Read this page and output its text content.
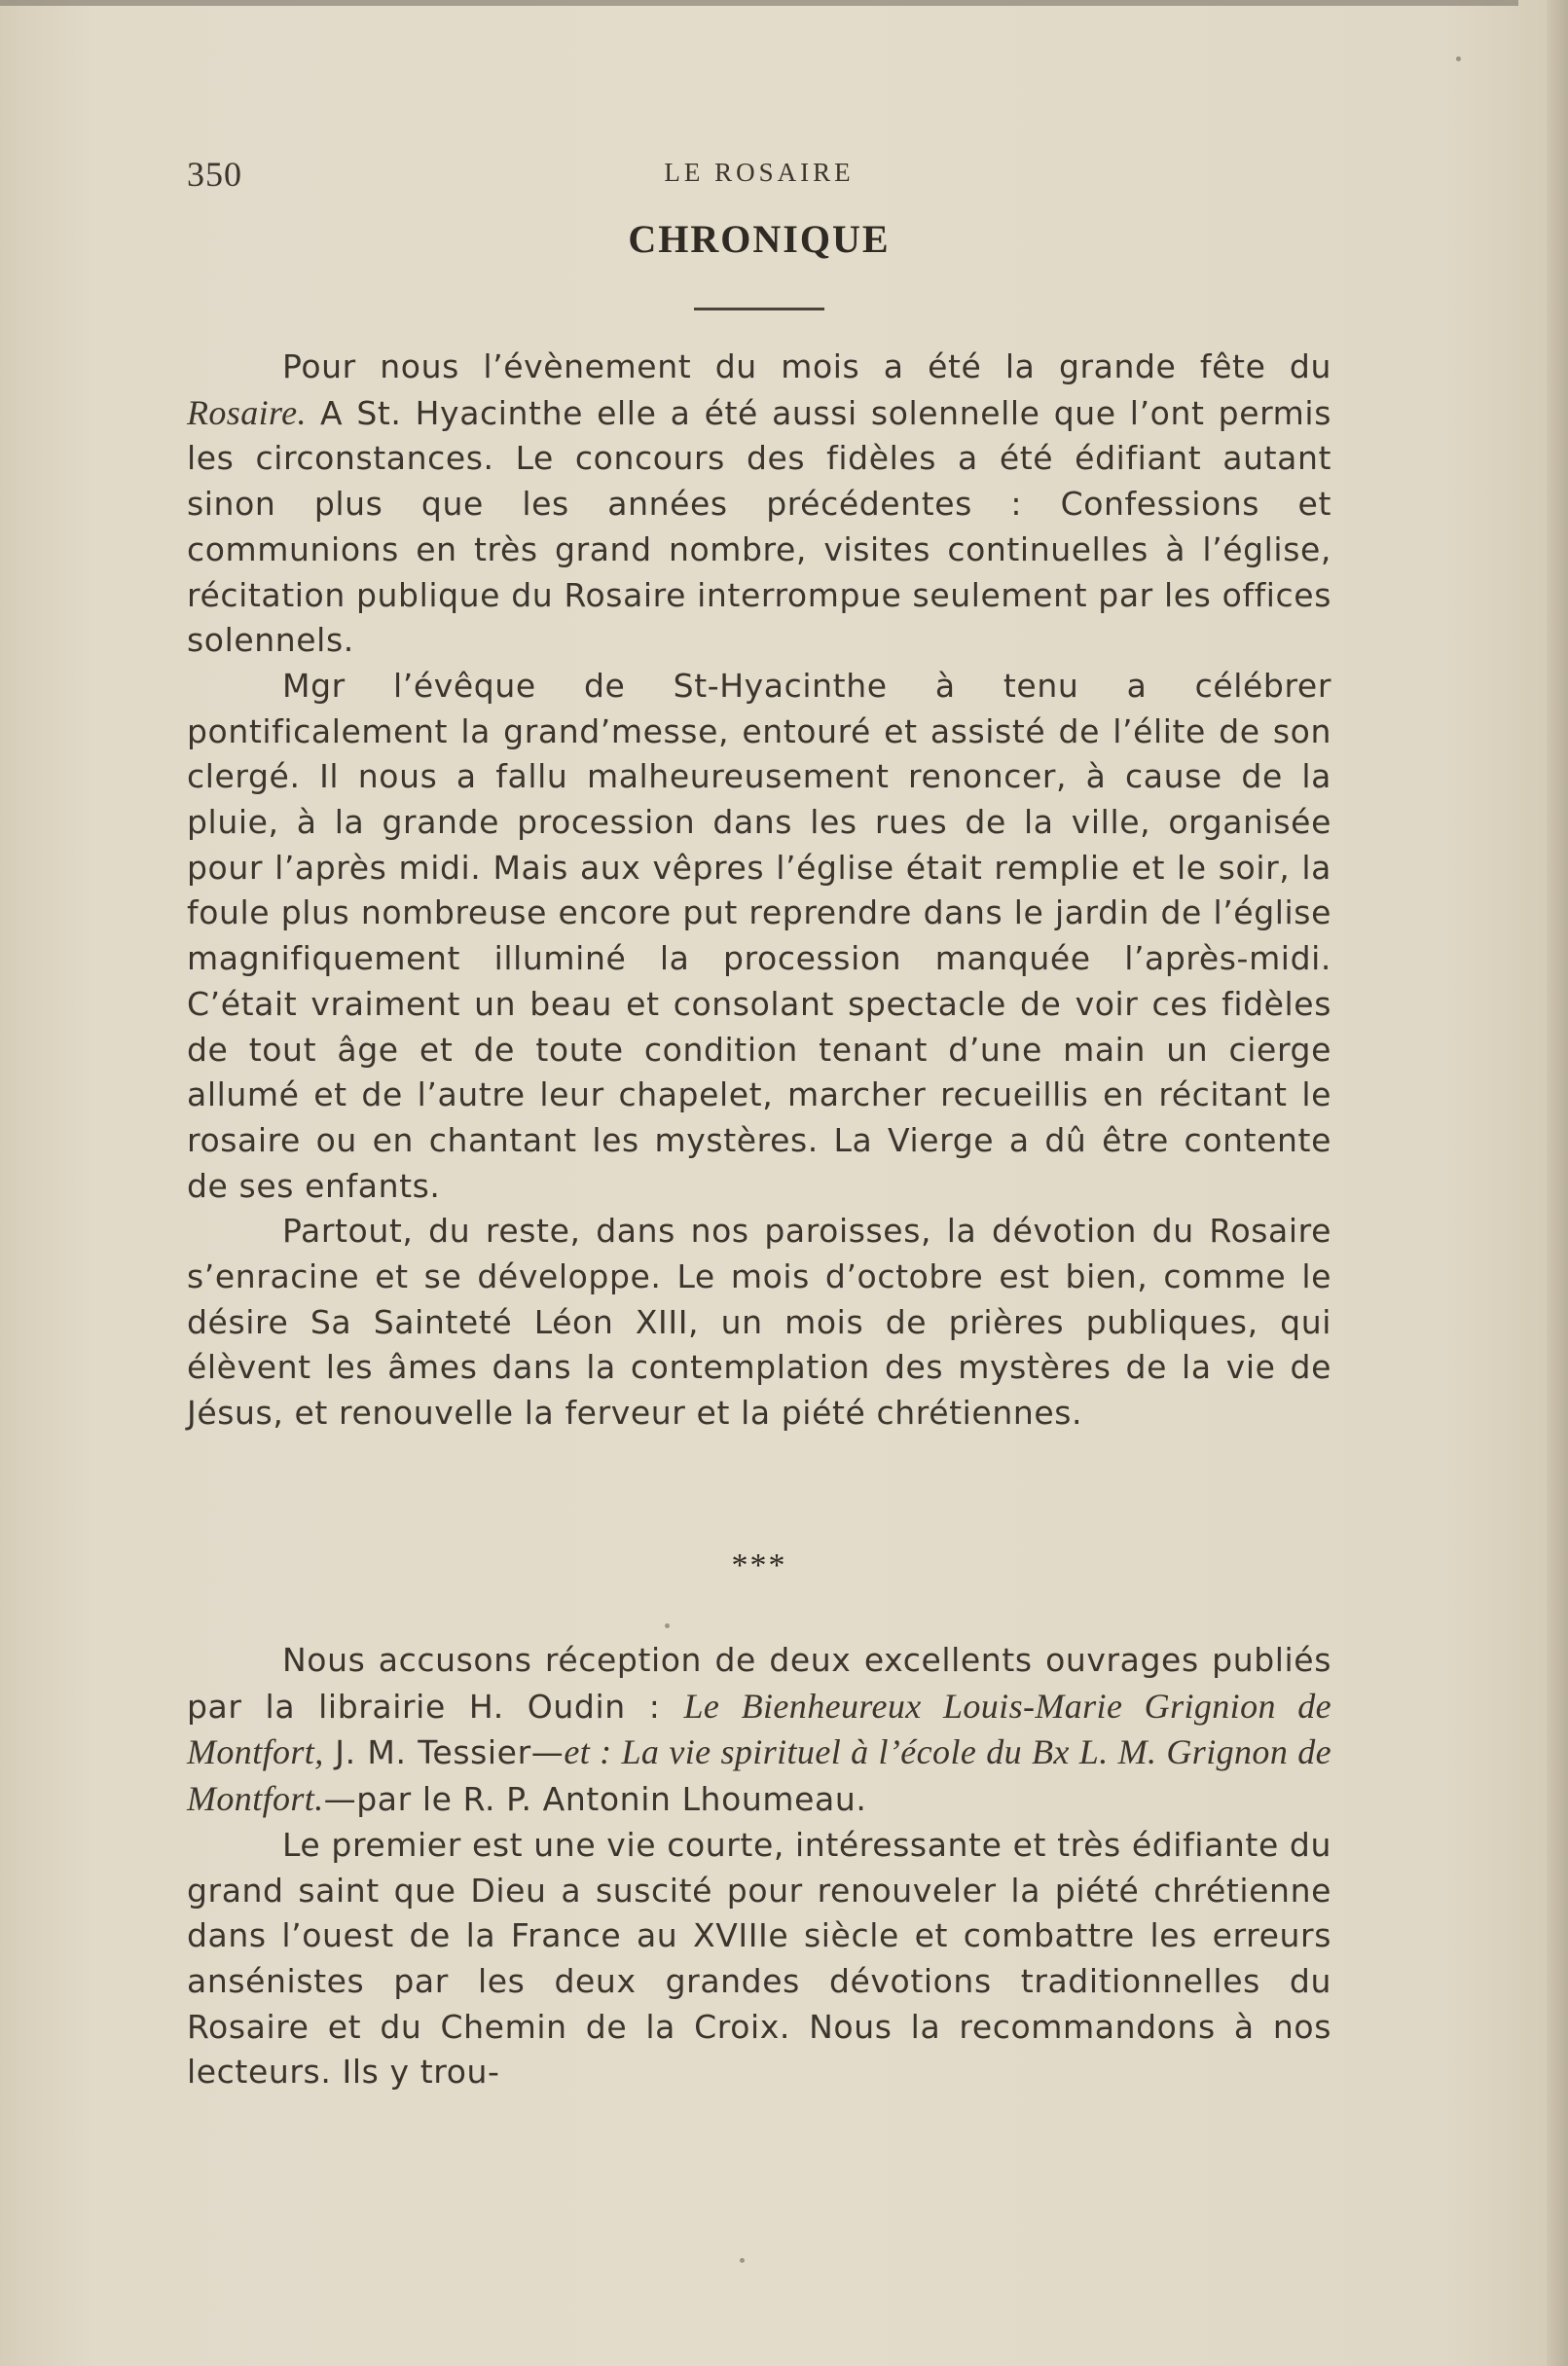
350	LE ROSAIRE
CHRONIQUE

Pour nous l’évènement du mois a été la grande fête du Rosaire. A St. Hyacinthe elle a été aussi solennelle que l’ont permis les circonstances. Le concours des fidèles a été édifiant autant sinon plus que les années précédentes : Confessions et communions en très grand nombre, visites continuelles à l’église, récitation publique du Rosaire interrompue seulement par les offices solennels.

Mgr l’évêque de St-Hyacinthe à tenu a célébrer pontificalement la grand’messe, entouré et assisté de l’élite de son clergé. Il nous a fallu malheureusement renoncer, à cause de la pluie, à la grande procession dans les rues de la ville, organisée pour l’après midi. Mais aux vêpres l’église était remplie et le soir, la foule plus nombreuse encore put reprendre dans le jardin de l’église magnifiquement illuminé la procession manquée l’après-midi. C’était vraiment un beau et consolant spectacle de voir ces fidèles de tout âge et de toute condition tenant d’une main un cierge allumé et de l’autre leur chapelet, marcher recueillis en récitant le rosaire ou en chantant les mystères. La Vierge a dû être contente de ses enfants.

Partout, du reste, dans nos paroisses, la dévotion du Rosaire s’enracine et se développe. Le mois d’octobre est bien, comme le désire Sa Sainteté Léon XIII, un mois de prières publiques, qui élèvent les âmes dans la contemplation des mystères de la vie de Jésus, et renouvelle la ferveur et la piété chrétiennes.

***

Nous accusons réception de deux excellents ouvrages publiés par la librairie H. Oudin : Le Bienheureux Louis-Marie Grignion de Montfort, J. M. Tessier—et : La vie spirituel à l’école du Bx L. M. Grignon de Montfort.—par le R. P. Antonin Lhoumeau.

Le premier est une vie courte, intéressante et très édifiante du grand saint que Dieu a suscité pour renouveler la piété chrétienne dans l’ouest de la France au XVIIIe siècle et combattre les erreurs ansénistes par les deux grandes dévotions traditionnelles du Rosaire et du Chemin de la Croix. Nous la recommandons à nos lecteurs. Ils y trou-
